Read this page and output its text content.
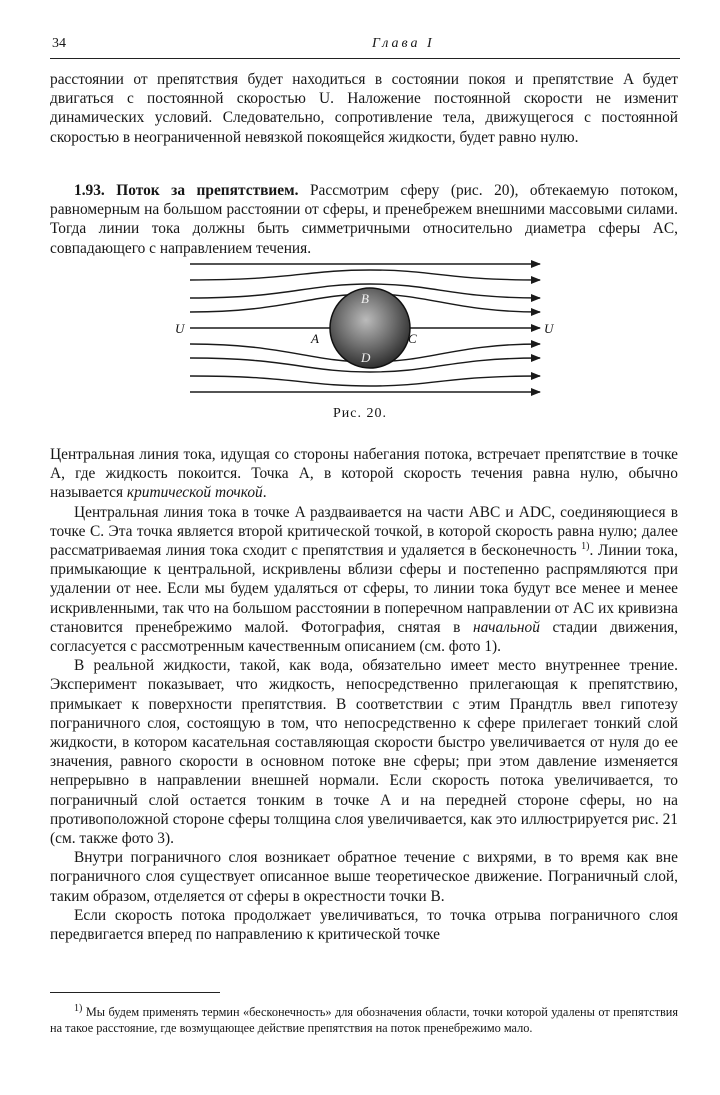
34	Глава I

расстоянии от препятствия будет находиться в состоянии покоя и препятствие A будет двигаться с постоянной скоростью U. Наложение постоянной скорости не изменит динамических условий. Следовательно, сопротивление тела, движущегося с постоянной скоростью в неограниченной невязкой покоящейся жидкости, будет равно нулю.

1.93. Поток за препятствием. Рассмотрим сферу (рис. 20), обтекаемую потоком, равномерным на большом расстоянии от сферы, и пренебрежем внешними массовыми силами. Тогда линии тока должны быть симметричными относительно диаметра сферы AC, совпадающего с направлением течения.

U	U
A	C
B
D
Рис. 20.

Центральная линия тока, идущая со стороны набегания потока, встречает препятствие в точке A, где жидкость покоится. Точка A, в которой скорость течения равна нулю, обычно называется критической точкой.

Центральная линия тока в точке A раздваивается на части ABC и ADC, соединяющиеся в точке C. Эта точка является второй критической точкой, в которой скорость равна нулю; далее рассматриваемая линия тока сходит с препятствия и удаляется в бесконечность $^{1)}$. Линии тока, примыкающие к центральной, искривлены вблизи сферы и постепенно распрямляются при удалении от нее. Если мы будем удаляться от сферы, то линии тока будут все менее и менее искривленными, так что на большом расстоянии в поперечном направлении от AC их кривизна становится пренебрежимо малой. Фотография, снятая в начальной стадии движения, согласуется с рассмотренным качественным описанием (см. фото 1).

В реальной жидкости, такой, как вода, обязательно имеет место внутреннее трение. Эксперимент показывает, что жидкость, непосредственно прилегающая к препятствию, примыкает к поверхности препятствия. В соответствии с этим Прандтль ввел гипотезу пограничного слоя, состоящую в том, что непосредственно к сфере прилегает тонкий слой жидкости, в котором касательная составляющая скорости быстро увеличивается от нуля до ее значения, равного скорости в основном потоке вне сферы; при этом давление изменяется непрерывно в направлении внешней нормали. Если скорость потока увеличивается, то пограничный слой остается тонким в точке A и на передней стороне сферы, но на противоположной стороне сферы толщина слоя увеличивается, как это иллюстрируется рис. 21 (см. также фото 3).

Внутри пограничного слоя возникает обратное течение с вихрями, в то время как вне пограничного слоя существует описанное выше теоретическое движение. Пограничный слой, таким образом, отделяется от сферы в окрестности точки B.

Если скорость потока продолжает увеличиваться, то точка отрыва пограничного слоя передвигается вперед по направлению к критической точке

$^{1)}$ Мы будем применять термин «бесконечность» для обозначения области, точки которой удалены от препятствия на такое расстояние, где возмущающее действие препятствия на поток пренебрежимо мало.
